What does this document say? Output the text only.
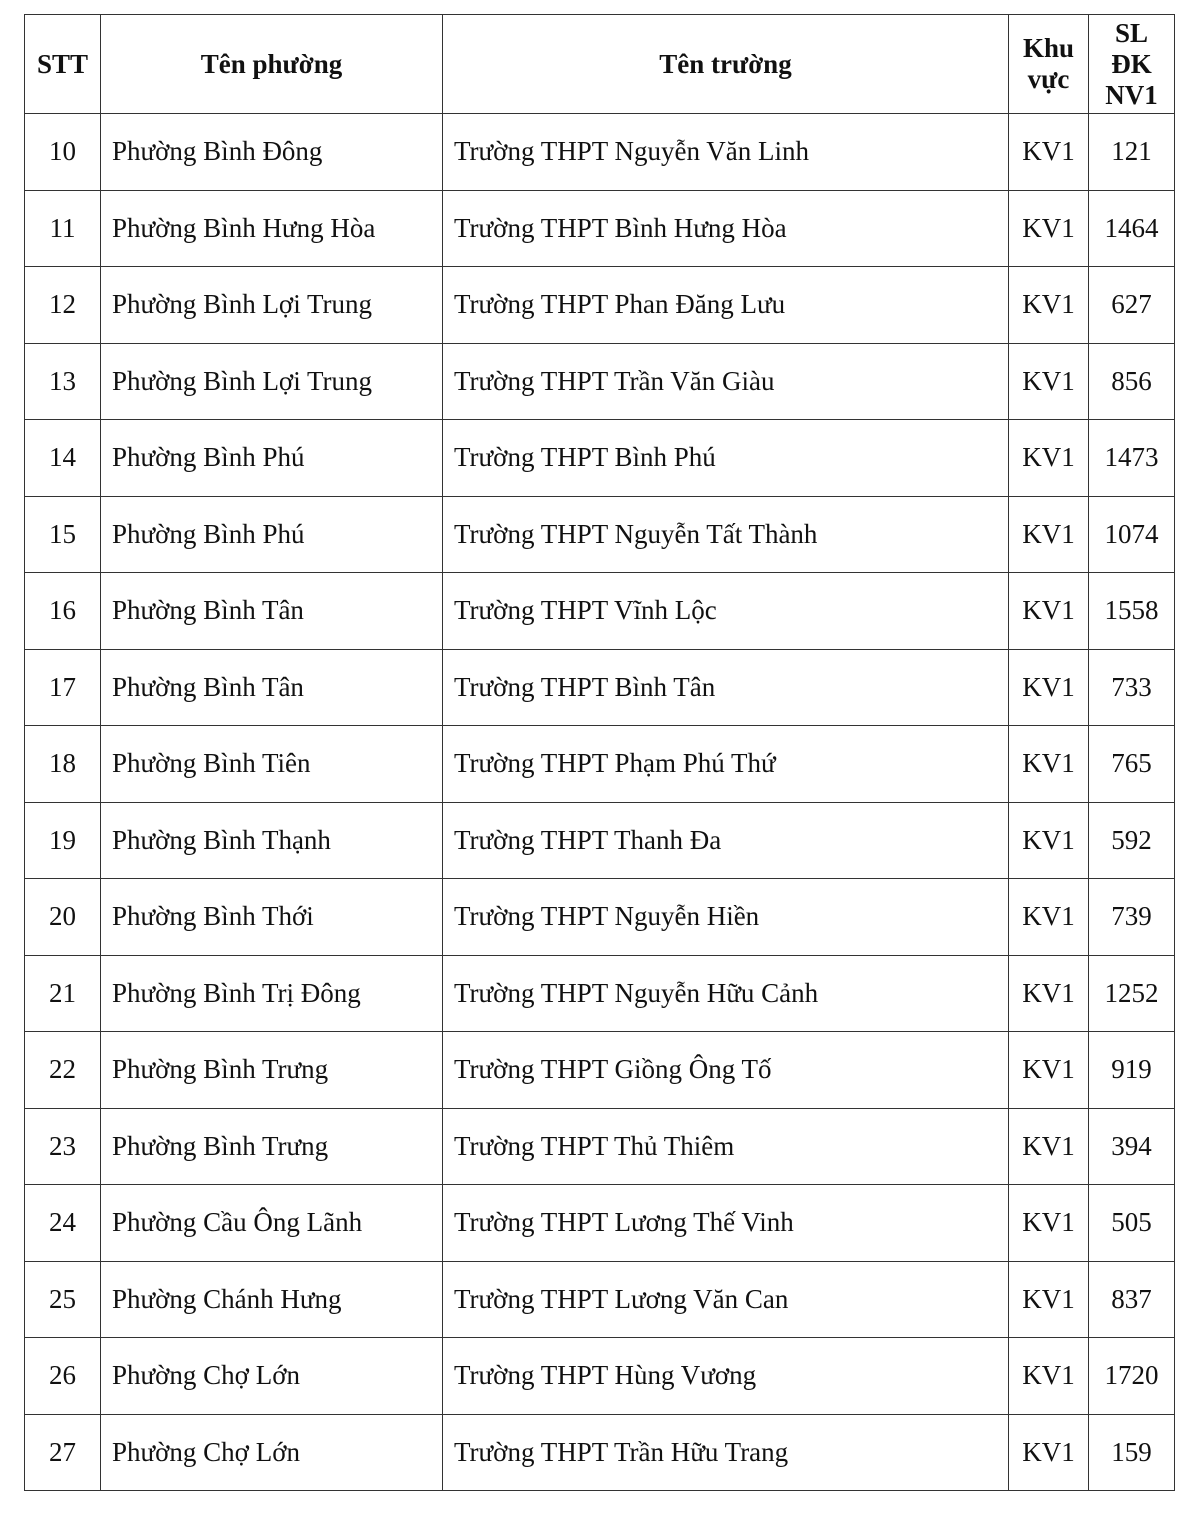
STT	Tên phường	Tên trường	Khu
vực	SL
ĐK
NV1

10	Phường Bình Đông	Trường THPT Nguyễn Văn Linh	KV1	121
11	Phường Bình Hưng Hòa	Trường THPT Bình Hưng Hòa	KV1	1464
12	Phường Bình Lợi Trung	Trường THPT Phan Đăng Lưu	KV1	627
13	Phường Bình Lợi Trung	Trường THPT Trần Văn Giàu	KV1	856
14	Phường Bình Phú	Trường THPT Bình Phú	KV1	1473
15	Phường Bình Phú	Trường THPT Nguyễn Tất Thành	KV1	1074
16	Phường Bình Tân	Trường THPT Vĩnh Lộc	KV1	1558
17	Phường Bình Tân	Trường THPT Bình Tân	KV1	733
18	Phường Bình Tiên	Trường THPT Phạm Phú Thứ	KV1	765
19	Phường Bình Thạnh	Trường THPT Thanh Đa	KV1	592
20	Phường Bình Thới	Trường THPT Nguyễn Hiền	KV1	739
21	Phường Bình Trị Đông	Trường THPT Nguyễn Hữu Cảnh	KV1	1252
22	Phường Bình Trưng	Trường THPT Giồng Ông Tố	KV1	919
23	Phường Bình Trưng	Trường THPT Thủ Thiêm	KV1	394
24	Phường Cầu Ông Lãnh	Trường THPT Lương Thế Vinh	KV1	505
25	Phường Chánh Hưng	Trường THPT Lương Văn Can	KV1	837
26	Phường Chợ Lớn	Trường THPT Hùng Vương	KV1	1720
27	Phường Chợ Lớn	Trường THPT Trần Hữu Trang	KV1	159
